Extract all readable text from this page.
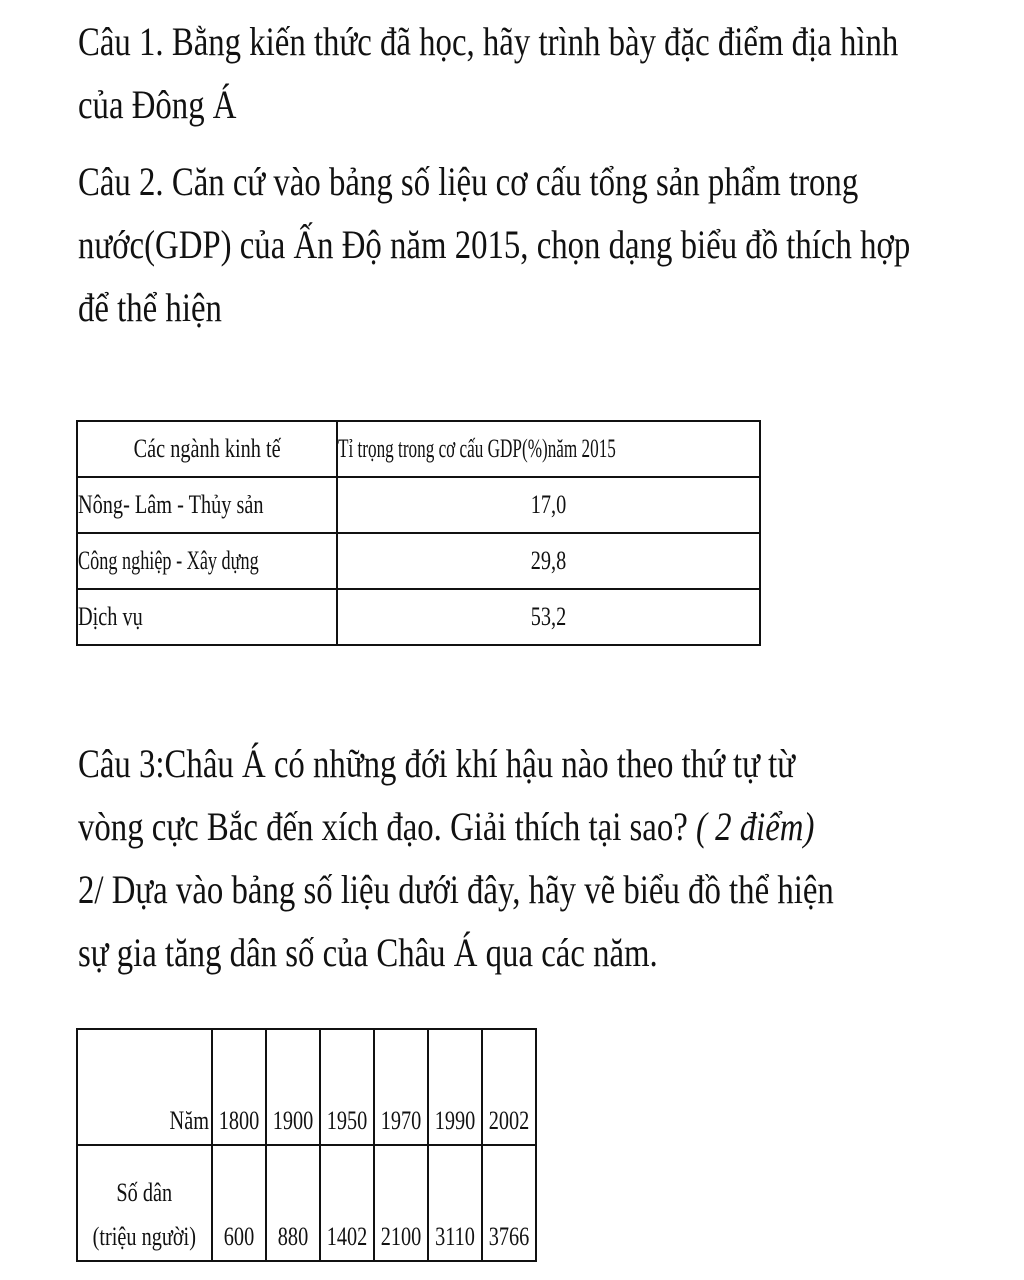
Câu 1. Bằng kiến thức đã học, hãy trình bày đặc điểm địa hình
của Đông Á
Câu 2. Căn cứ vào bảng số liệu cơ cấu tổng sản phẩm trong
nước(GDP) của Ấn Độ năm 2015, chọn dạng biểu đồ thích hợp
để thể hiện
Các ngành kinh tế	Tỉ trọng trong cơ cấu GDP(%)năm 2015

Nông- Lâm - Thủy sản	17,0

Công nghiệp - Xây dựng	29,8

Dịch vụ	53,2
Câu 3:Châu Á có những đới khí hậu nào theo thứ tự từ
vòng cực Bắc đến xích đạo. Giải thích tại sao? ( 2 điểm)
2/ Dựa vào bảng số liệu dưới đây, hãy vẽ biểu đồ thể hiện
sự gia tăng dân số của Châu Á qua các năm.
Năm	1800	1900	1950	1970	1990	2002

Số dân
(triệu người)	600	880	1402	2100	3110	3766
